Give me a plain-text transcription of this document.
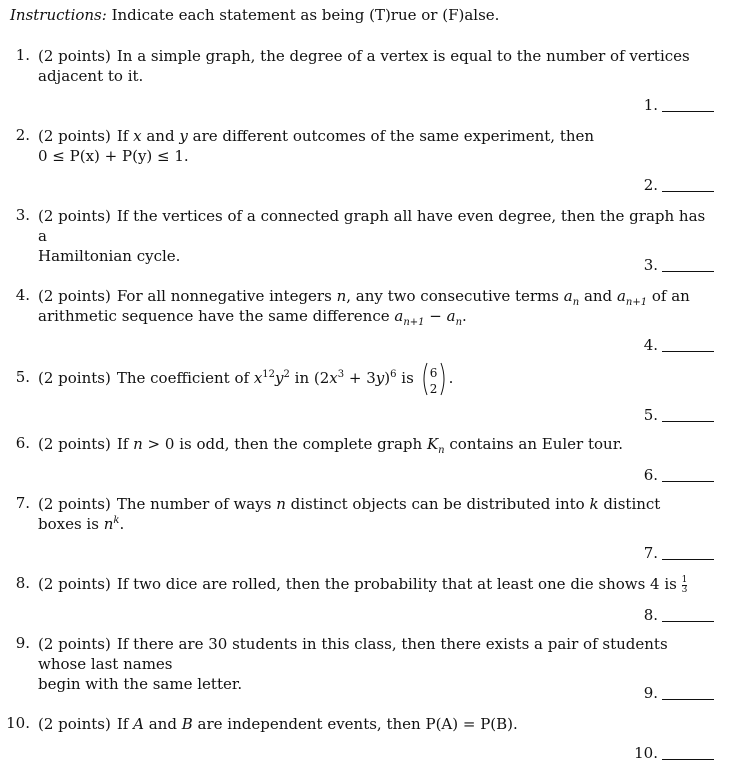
Instructions: Indicate each statement as being (T)rue or (F)alse.
1. (2 points) In a simple graph, the degree of a vertex is equal to the number of vertices
adjacent to it.
1.
2. (2 points) If x and y are different outcomes of the same experiment, then
0 ≤ P(x) + P(y) ≤ 1.
2.
3. (2 points) If the vertices of a connected graph all have even degree, then the graph has a
Hamiltonian cycle.	3.
4. (2 points) For all nonnegative integers n, any two consecutive terms $a_n$ and $a_{n+1}$ of an
arithmetic sequence have the same difference $a_{n+1} - a_n$.
4.
5. (2 points) The coefficient of $x^{12}y^2$ in $(2x^3 + 3y)^6$ is	6
2
.
5.
6. (2 points) If n > 0 is odd, then the complete graph $K_n$ contains an Euler tour.
6.
7. (2 points) The number of ways n distinct objects can be distributed into k distinct
boxes is $n^k$.
7.
8. (2 points) If two dice are rolled, then the probability that at least one die shows 4 is $\frac{1}{3}$
8.
9. (2 points) If there are 30 students in this class, then there exists a pair of students whose last names
begin with the same letter.	9.
10. (2 points) If A and B are independent events, then P(A) = P(B).
10.
